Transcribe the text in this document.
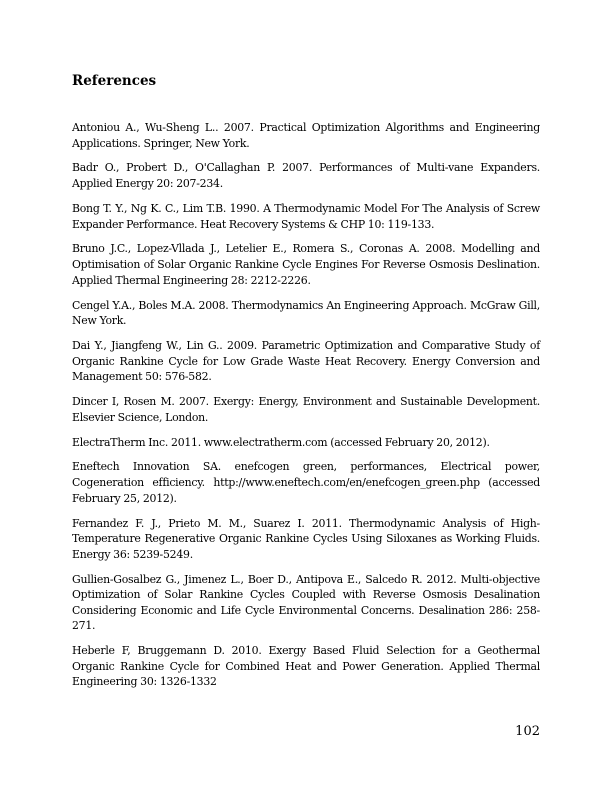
References

Antoniou A., Wu-Sheng L.. 2007. Practical Optimization Algorithms and Engineering Applications. Springer, New York.

Badr O., Probert D., O'Callaghan P. 2007. Performances of Multi-vane Expanders. Applied Energy 20: 207-234.

Bong T. Y., Ng K. C., Lim T.B. 1990. A Thermodynamic Model For The Analysis of Screw Expander Performance. Heat Recovery Systems & CHP 10: 119-133.

Bruno J.C., Lopez-Vllada J., Letelier E., Romera S., Coronas A. 2008. Modelling and Optimisation of Solar Organic Rankine Cycle Engines For Reverse Osmosis Deslination. Applied Thermal Engineering 28: 2212-2226.

Cengel Y.A., Boles M.A. 2008. Thermodynamics An Engineering Approach. McGraw Gill, New York.

Dai Y., Jiangfeng W., Lin G.. 2009. Parametric Optimization and Comparative Study of Organic Rankine Cycle for Low Grade Waste Heat Recovery. Energy Conversion and Management 50: 576-582.

Dincer I, Rosen M. 2007. Exergy: Energy, Environment and Sustainable Development. Elsevier Science, London.

ElectraTherm Inc. 2011. www.electratherm.com (accessed February 20, 2012).

Eneftech Innovation SA. enefcogen green, performances, Electrical power, Cogeneration efficiency. http://www.eneftech.com/en/enefcogen_green.php (accessed February 25, 2012).

Fernandez F. J., Prieto M. M., Suarez I. 2011. Thermodynamic Analysis of High-Temperature Regenerative Organic Rankine Cycles Using Siloxanes as Working Fluids. Energy 36: 5239-5249.

Gullien-Gosalbez G., Jimenez L., Boer D., Antipova E., Salcedo R. 2012. Multi-objective Optimization of Solar Rankine Cycles Coupled with Reverse Osmosis Desalination Considering Economic and Life Cycle Environmental Concerns. Desalination 286: 258-271.

Heberle F, Bruggemann D. 2010. Exergy Based Fluid Selection for a Geothermal Organic Rankine Cycle for Combined Heat and Power Generation. Applied Thermal Engineering 30: 1326-1332

102
